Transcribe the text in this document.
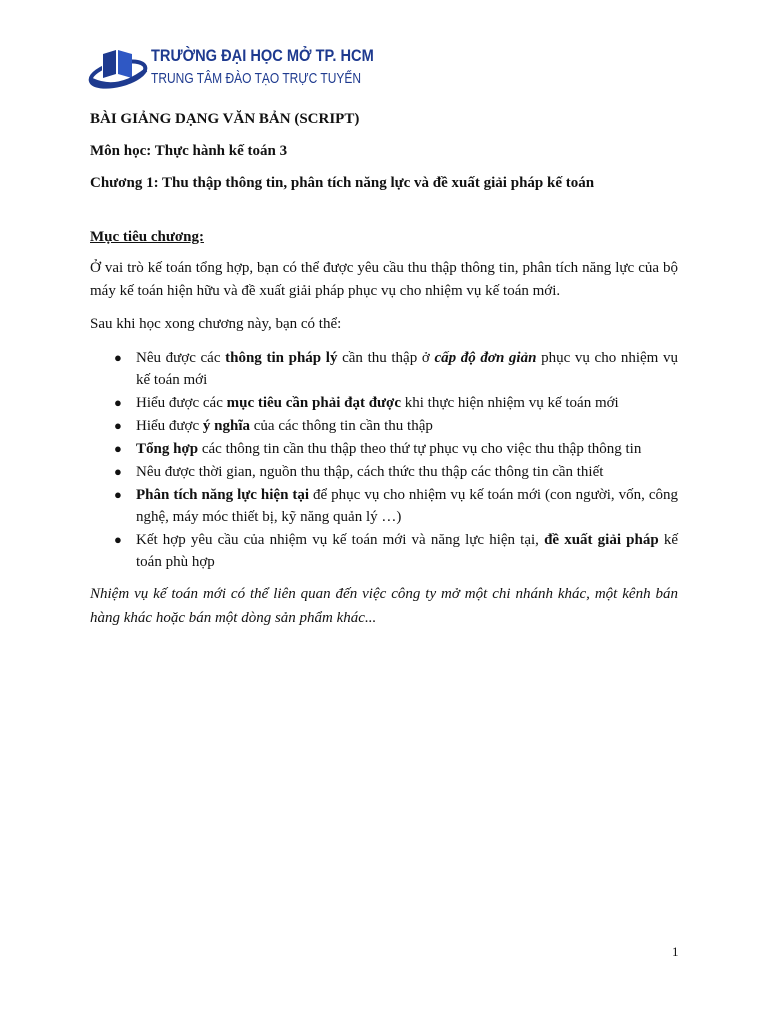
TRƯỜNG ĐẠI HỌC MỞ TP. HCM
TRUNG TÂM ĐÀO TẠO TRỰC TUYẾN

BÀI GIẢNG DẠNG VĂN BẢN (SCRIPT)

Môn học: Thực hành kế toán 3

Chương 1: Thu thập thông tin, phân tích năng lực và đề xuất giải pháp kế toán

Mục tiêu chương:

Ở vai trò kế toán tổng hợp, bạn có thể được yêu cầu thu thập thông tin, phân tích năng lực của bộ máy kế toán hiện hữu và đề xuất giải pháp phục vụ cho nhiệm vụ kế toán mới.

Sau khi học xong chương này, bạn có thể:

● Nêu được các thông tin pháp lý cần thu thập ở cấp độ đơn giản phục vụ cho nhiệm vụ kế toán mới
● Hiểu được các mục tiêu cần phải đạt được khi thực hiện nhiệm vụ kế toán mới
● Hiểu được ý nghĩa của các thông tin cần thu thập
● Tổng hợp các thông tin cần thu thập theo thứ tự phục vụ cho việc thu thập thông tin
● Nêu được thời gian, nguồn thu thập, cách thức thu thập các thông tin cần thiết
● Phân tích năng lực hiện tại để phục vụ cho nhiệm vụ kế toán mới (con người, vốn, công nghệ, máy móc thiết bị, kỹ năng quản lý …)
● Kết hợp yêu cầu của nhiệm vụ kế toán mới và năng lực hiện tại, đề xuất giải pháp kế toán phù hợp

Nhiệm vụ kế toán mới có thể liên quan đến việc công ty mở một chi nhánh khác, một kênh bán hàng khác hoặc bán một dòng sản phẩm khác...

1
